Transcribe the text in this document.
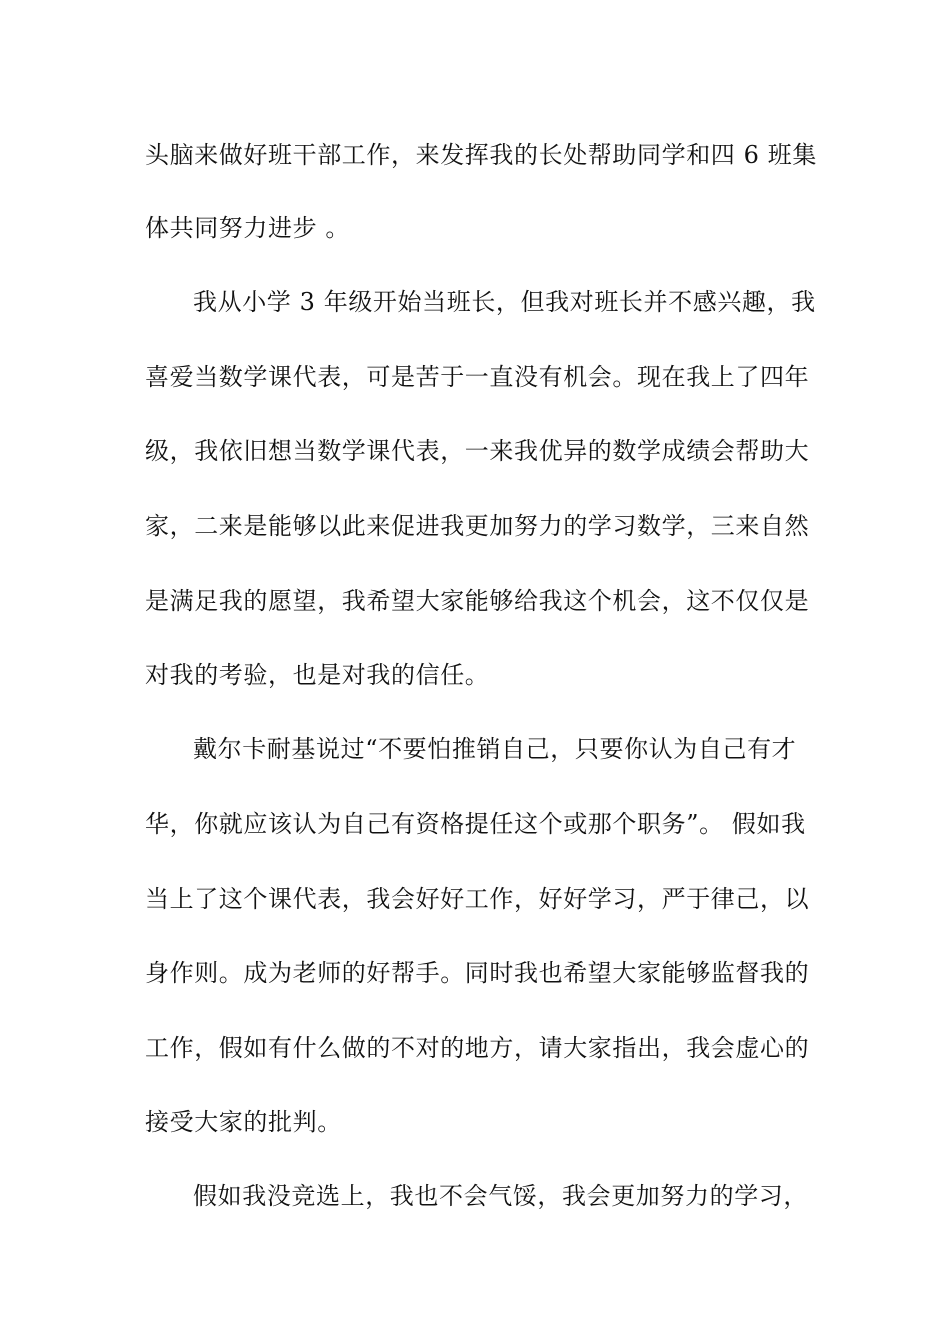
头脑来做好班干部工作，来发挥我的长处帮助同学和四 6 班集
体共同努力进步 。
我从小学 3 年级开始当班长，但我对班长并不感兴趣，我
喜爱当数学课代表，可是苦于一直没有机会。现在我上了四年
级，我依旧想当数学课代表，一来我优异的数学成绩会帮助大
家，二来是能够以此来促进我更加努力的学习数学，三来自然
是满足我的愿望，我希望大家能够给我这个机会，这不仅仅是
对我的考验，也是对我的信任。
戴尔卡耐基说过“不要怕推销自己，只要你认为自己有才
华，你就应该认为自己有资格提任这个或那个职务”。 假如我
当上了这个课代表，我会好好工作，好好学习，严于律己，以
身作则。成为老师的好帮手。同时我也希望大家能够监督我的
工作，假如有什么做的不对的地方，请大家指出，我会虚心的
接受大家的批判。
假如我没竞选上，我也不会气馁，我会更加努力的学习，
